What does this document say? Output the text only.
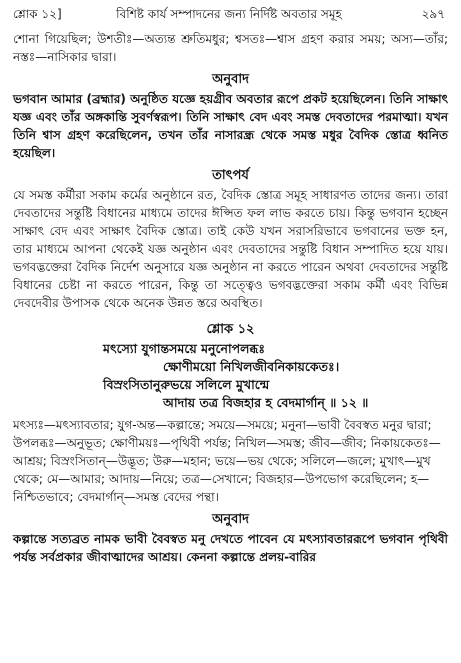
শ্লোক ১২]	বিশিষ্ট কার্য সম্পাদনের জন্য নির্দিষ্ট অবতার সমূহ	২৯৭

শোনা গিয়েছিল; উশতীঃ—অত্যন্ত শ্রুতিমধুর; শ্বসতঃ—শ্বাস গ্রহণ করার সময়; অস্য—তাঁর; নস্তঃ—নাসিকার দ্বারা।

অনুবাদ

ভগবান আমার (ব্রহ্মার) অনুষ্ঠিত যজ্ঞে হয়গ্রীব অবতার রূপে প্রকট হয়েছিলেন। তিনি সাক্ষাৎ যজ্ঞ এবং তাঁর অঙ্গকান্তি সুবর্ণস্বরূপ। তিনি সাক্ষাৎ বেদ এবং সমস্ত দেবতাদের পরমাত্মা। যখন তিনি শ্বাস গ্রহণ করেছিলেন, তখন তাঁর নাসারন্ধ্র থেকে সমস্ত মধুর বৈদিক স্তোত্র ধ্বনিত হয়েছিল।

তাৎপর্য

যে সমস্ত কর্মীরা সকাম কর্মের অনুষ্ঠানে রত, বৈদিক স্তোত্র সমূহ সাধারণত তাদের জন্য। তারা দেবতাদের সন্তুষ্টি বিধানের মাধ্যমে তাদের ঈপ্সিত ফল লাভ করতে চায়। কিন্তু ভগবান হচ্ছেন সাক্ষাৎ বেদ এবং সাক্ষাৎ বৈদিক স্তোত্র। তাই কেউ যখন সরাসরিভাবে ভগবানের ভক্ত হন, তার মাধ্যমে আপনা থেকেই যজ্ঞ অনুষ্ঠান এবং দেবতাদের সন্তুষ্টি বিধান সম্পাদিত হয়ে যায়। ভগবদ্ভক্তেরা বৈদিক নির্দেশ অনুসারে যজ্ঞ অনুষ্ঠান না করতে পারেন অথবা দেবতাদের সন্তুষ্টি বিধানের চেষ্টা না করতে পারেন, কিন্তু তা সত্ত্বেও ভগবদ্ভক্তেরা সকাম কর্মী এবং বিভিন্ন দেবদেবীর উপাসক থেকে অনেক উন্নত স্তরে অবস্থিত।

শ্লোক ১২
মৎস্যো যুগান্তসময়ে মনুনোপলব্ধঃ
ক্ষোণীময়ো নিখিলজীবনিকায়কেতঃ।
বিস্রংসিতানুরুভয়ে সলিলে মুখান্মে
আদায় তত্র বিজহার হ বেদমার্গান্ ॥ ১২ ॥

মৎস্যঃ—মৎস্যাবতার; যুগ-অন্ত—কল্পান্তে; সময়ে—সময়ে; মনুনা—ভাবী বৈবস্বত মনুর দ্বারা; উপলব্ধঃ—অনুভূত; ক্ষোণীময়ঃ—পৃথিবী পর্যন্ত; নিখিল—সমস্ত; জীব—জীব; নিকায়কেতঃ—আশ্রয়; বিস্রংসিতান্—উদ্ভূত; উরু—মহান; ভয়ে—ভয় থেকে; সলিলে—জলে; মুখাৎ—মুখ থেকে; মে—আমার; আদায়—নিয়ে; তত্র—সেখানে; বিজহার—উপভোগ করেছিলেন; হ—নিশ্চিতভাবে; বেদমার্গান্—সমস্ত বেদের পন্থা।

অনুবাদ

কল্পান্তে সত্যব্রত নামক ভাবী বৈবস্বত মনু দেখতে পাবেন যে মৎস্যাবতাররূপে ভগবান পৃথিবী পর্যন্ত সর্বপ্রকার জীবাত্মাদের আশ্রয়। কেননা কল্পান্তে প্রলয়-বারির
